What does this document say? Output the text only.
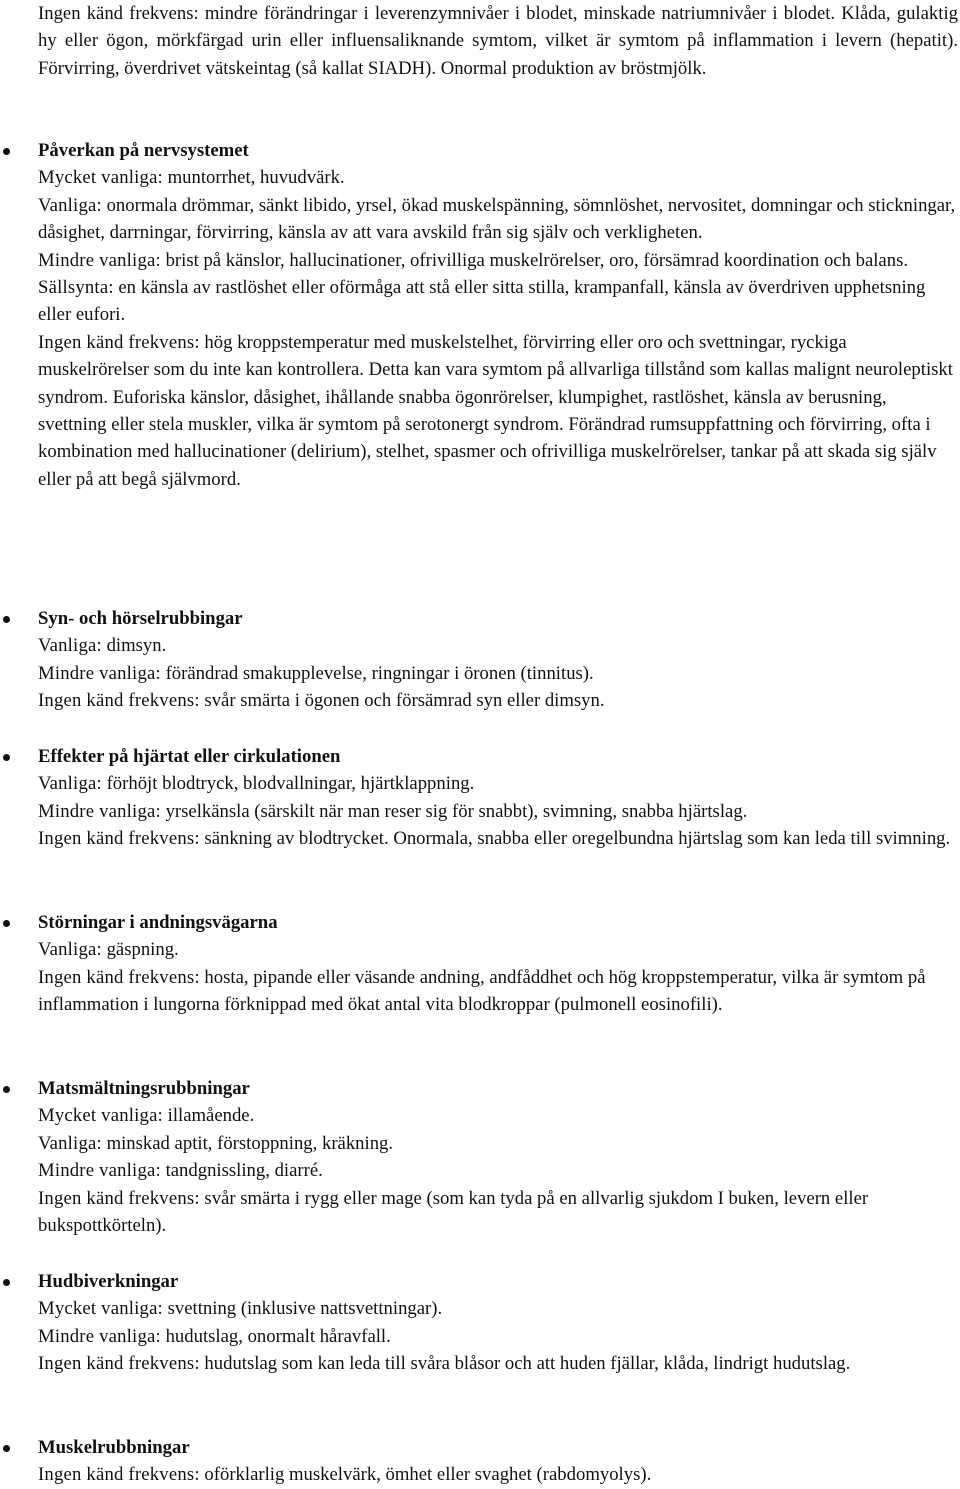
Ingen känd frekvens: mindre förändringar i leverenzymnivåer i blodet, minskade natriumnivåer i blodet. Klåda, gulaktig hy eller ögon, mörkfärgad urin eller influensaliknande symtom, vilket är symtom på inflammation i levern (hepatit). Förvirring, överdrivet vätskeintag (så kallat SIADH). Onormal produktion av bröstmjölk.

Påverkan på nervsystemet

Mycket vanliga: muntorrhet, huvudvärk.

Vanliga: onormala drömmar, sänkt libido, yrsel, ökad muskelspänning, sömnlöshet, nervositet, domningar och stickningar, dåsighet, darrningar, förvirring, känsla av att vara avskild från sig själv och verkligheten.

Mindre vanliga: brist på känslor, hallucinationer, ofrivilliga muskelrörelser, oro, försämrad koordination och balans.

Sällsynta: en känsla av rastlöshet eller oförmåga att stå eller sitta stilla, krampanfall, känsla av överdriven upphetsning eller eufori.

Ingen känd frekvens: hög kroppstemperatur med muskelstelhet, förvirring eller oro och svettningar, ryckiga muskelrörelser som du inte kan kontrollera. Detta kan vara symtom på allvarliga tillstånd som kallas malignt neuroleptiskt syndrom. Euforiska känslor, dåsighet, ihållande snabba ögonrörelser, klumpighet, rastlöshet, känsla av berusning, svettning eller stela muskler, vilka är symtom på serotonergt syndrom. Förändrad rumsuppfattning och förvirring, ofta i kombination med hallucinationer (delirium), stelhet, spasmer och ofrivilliga muskelrörelser, tankar på att skada sig själv eller på att begå självmord.

Syn- och hörselrubbingar

Vanliga: dimsyn.

Mindre vanliga: förändrad smakupplevelse, ringningar i öronen (tinnitus).

Ingen känd frekvens: svår smärta i ögonen och försämrad syn eller dimsyn.

Effekter på hjärtat eller cirkulationen

Vanliga: förhöjt blodtryck, blodvallningar, hjärtklappning.

Mindre vanliga: yrselkänsla (särskilt när man reser sig för snabbt), svimning, snabba hjärtslag.

Ingen känd frekvens: sänkning av blodtrycket. Onormala, snabba eller oregelbundna hjärtslag som kan leda till svimning.

Störningar i andningsvägarna

Vanliga: gäspning.

Ingen känd frekvens: hosta, pipande eller väsande andning, andfåddhet och hög kroppstemperatur, vilka är symtom på inflammation i lungorna förknippad med ökat antal vita blodkroppar (pulmonell eosinofili).

Matsmältningsrubbningar

Mycket vanliga: illamående.

Vanliga: minskad aptit, förstoppning, kräkning.

Mindre vanliga: tandgnissling, diarré.

Ingen känd frekvens: svår smärta i rygg eller mage (som kan tyda på en allvarlig sjukdom I buken, levern eller bukspottkörteln).

Hudbiverkningar

Mycket vanliga: svettning (inklusive nattsvettningar).

Mindre vanliga: hudutslag, onormalt håravfall.

Ingen känd frekvens: hudutslag som kan leda till svåra blåsor och att huden fjällar, klåda, lindrigt hudutslag.

Muskelrubbningar

Ingen känd frekvens: oförklarlig muskelvärk, ömhet eller svaghet (rabdomyolys).
